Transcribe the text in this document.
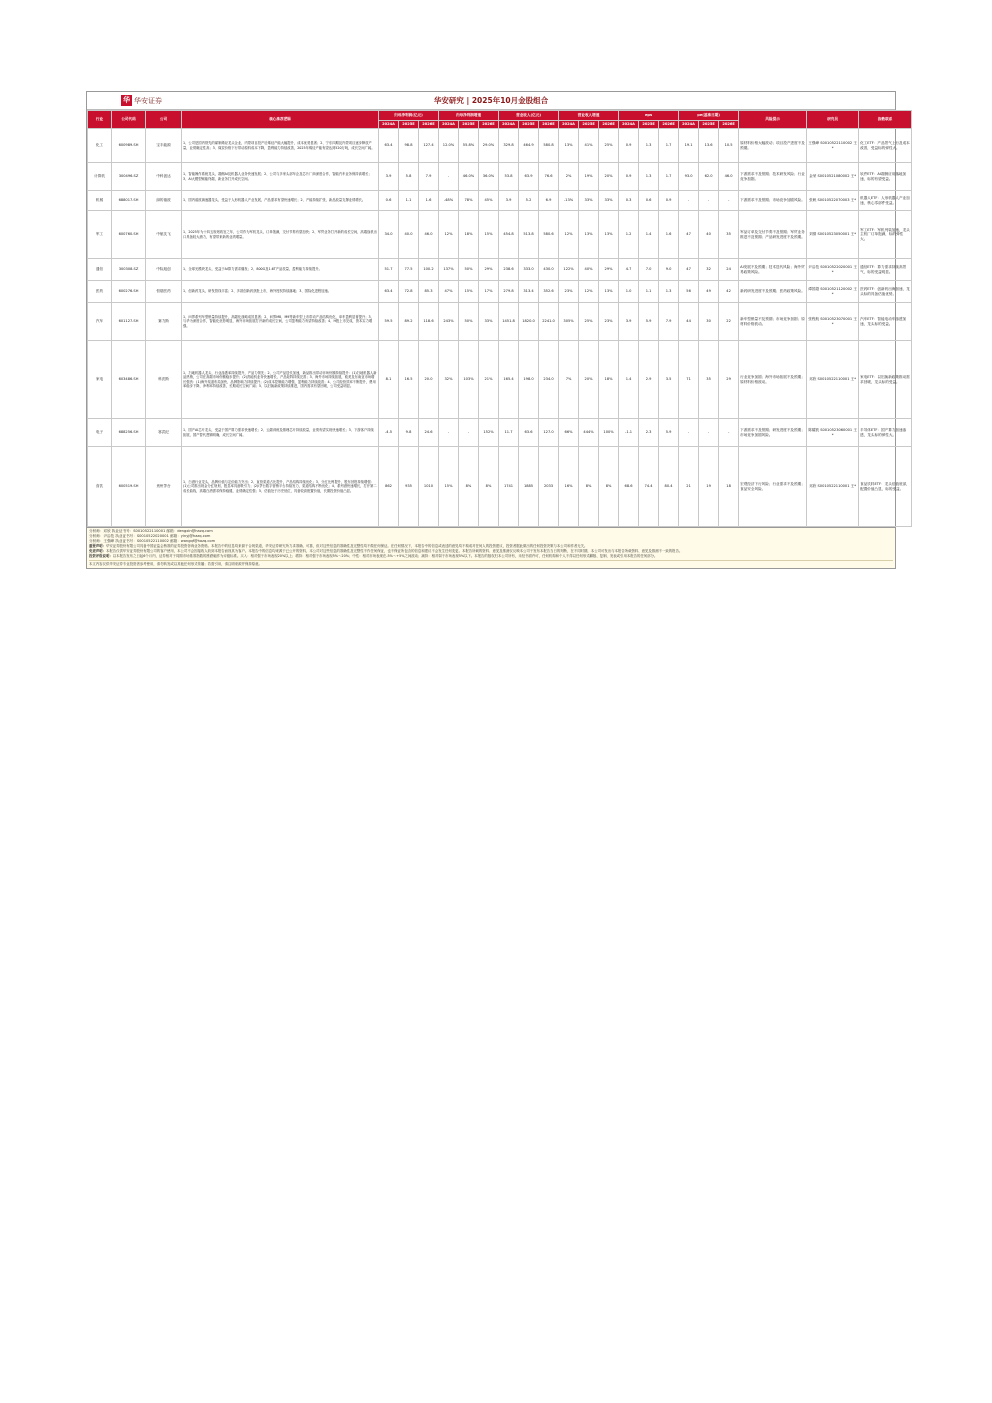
华 华安证券	华安研究 | 2025年10月金股组合
行业	公司代码	公司	核心推荐逻辑	归母净利润(亿元)			归母净利润增速			营业收入(亿元)			营业收入增速			eps			pe(基准日期)			风险提示	研究员	指数联系
				2024A	2025E	2026E	2024A	2025E	2026E	2024A	2025E	2026E	2024A	2025E	2026E	2024A	2025E	2026E	2024A	2025E	2026E			
化工	600989.SH	宝丰能源	1、公司是国内领先的煤制烯烃龙头企业，内蒙项目投产后烯烃产能大幅提升，成本优势显著；2、宁东四期及内蒙项目逐步释放产量，业绩确定性高；3、煤炭价格下行带动原料成本下降，盈利能力持续改善，2025年烯烃产能有望达到520万吨，成长空间广阔。	63.4	98.8	127.4	12.0%	55.8%	29.0%	329.8	464.9	580.8	13%	41%	25%	0.9	1.3	1.7	19.1	13.6	10.5	原材料价格大幅波动；项目投产进度不及预期。	王强峰 S0010522110002 王*	化工ETF：产品景气上行及成本改善，受益标的弹性大。
计算机	300496.SZ	中科创达	1、智能操作系统龙头，端侧AI及机器人业务快速发展；2、公司与多家头部车企及芯片厂商深度合作，智能汽车业务保持高增长；3、AI大模型赋能终端，新业务打开成长空间。	3.9	5.8	7.9	-	46.0%	36.0%	53.8	63.9	76.6	2%	19%	20%	0.9	1.3	1.7	93.0	62.0	46.0	下游需求不及预期；技术研发风险；行业竞争加剧。	金荣 S0010521080002 王*	软件ETF：AI端侧应用落地加速，标的有望受益。
机械	688017.SH	绿的谐波	1、国内谐波减速器龙头，受益于人形机器人产业发展，产品需求有望快速增长；2、产能持续扩张，新品放量支撑业绩增长。	0.6	1.1	1.6	-48%	78%	45%	3.9	5.2	6.9	-13%	33%	33%	0.3	0.6	0.9	-	-	-	下游需求不及预期；市场竞争加剧风险。	张帆 S0010522070003 王*	机器人ETF：人形机器人产业加速，核心零部件受益。
军工	600760.SH	中航沈飞	1、2025年为十四五规划收官之年，公司作为军机龙头，订单饱满，交付节奏有望加快；2、军贸业务打开新的成长空间，高端战机出口具备较大潜力，有望带来新的业绩增量。	34.0	40.0	46.0	12%	18%	15%	454.8	513.8	580.6	12%	13%	13%	1.2	1.4	1.6	47	40	35	军品订单及交付节奏不及预期；军贸业务推进不及预期；产品研发进度不及预期。	刘倩 S0010523050001 王*	军工ETF：军机列装加速，龙头主机厂订单饱满，标的弹性大。
通信	300308.SZ	中际旭创	1、全球光模块龙头，受益于AI算力需求爆发；2、800G及1.6T产品放量，盈利能力持续提升。	51.7	77.5	100.2	137%	50%	29%	238.6	333.0	430.0	122%	40%	29%	4.7	7.0	9.0	47	32	24	AI发展不及预期；技术迭代风险；海外贸易政策风险。	尹沿技 S0010522020001 王*	通信ETF：算力需求持续高景气，标的受益明显。
医药	600276.SH	恒瑞医药	1、创新药龙头，研发管线丰富；2、多款创新药获批上市，海外授权持续落地；3、国际化进程加速。	63.4	72.8	85.3	47%	15%	17%	279.8	313.4	352.6	23%	12%	13%	1.0	1.1	1.3	56	49	42	新药研发进度不及预期；医药政策风险。	谭国超 S0010521120002 王*	医药ETF：创新药出海加速，龙头标的具备估值优势。
汽车	601127.SH	赛力斯	1、问界系列车型销量持续提升，高端化战略成效显著；2、问界M8、M9等新车型上市带动产品结构优化，单车盈利显著提升；3、与华为深度合作，智能化优势明显，海外市场拓展打开新的成长空间，公司盈利能力有望持续改善；4、H股上市完成，资本实力增强。	59.5	89.2	118.6	243%	50%	33%	1451.8	1820.0	2241.0	305%	25%	23%	3.9	5.9	7.9	44	30	22	新车型销量不及预期；市场竞争加剧；原材料价格波动。	张程航 S0010523070001 王*	汽车ETF：智能电动车渗透加速，龙头标的受益。
家电	603486.SH	科沃斯	1、扫地机器人龙头，行业渗透率持续提升，产品力领先；2、公司产品迭代加速，新品推出带动市场份额持续提升：(1)扫地机器人新品热销，公司在高端市场份额稳步提升；(2)洗地机业务快速增长，产品矩阵持续完善；3、海外市场持续拓展，欧美及东南亚市场增长强劲：(1)海外渠道布局加快，品牌影响力持续提升；(2)成本控制能力增强，盈利能力持续改善；4、公司经营效率不断提升，费用率稳步下降，净利率持续改善，长期成长空间广阔；5、以旧换新政策持续推进，国内需求有望回暖，公司受益明显。	8.1	16.5	20.0	32%	103%	21%	165.4	198.0	234.0	7%	20%	18%	1.4	2.9	3.5	71	35	29	行业竞争加剧；海外市场拓展不及预期；原材料价格波动。	邓欣 S0010522110001 王*	家电ETF：以旧换新政策推动需求回暖，龙头标的受益。
电子	688256.SH	寒武纪	1、国产AI芯片龙头，受益于国产算力需求快速增长；2、云端训练及推理芯片持续放量，业绩有望实现快速增长；3、下游客户持续拓展，国产替代逻辑明确，成长空间广阔。	-4.5	9.8	24.6	-	-	152%	11.7	63.6	127.0	66%	444%	100%	-1.1	2.3	5.9	-	-	-	下游需求不及预期；研发进度不及预期；市场竞争加剧风险。	陈耀波 S0010523060001 王*	半导体ETF：国产算力加速渗透，龙头标的弹性大。
食饮	600519.SH	贵州茅台	1、白酒行业龙头，品牌价值与定价能力突出；2、直营渠道占比提升，产品结构持续优化；3、分红比例提升，股东回报持续增强：(1)公司推出现金分红规划，股息率具备吸引力；(2)i茅台数字营销平台持续发力，渠道结构不断优化；4、系列酒快速增长，打开第二成长曲线，高端白酒需求保持稳健，业绩确定性强；5、估值处于历史低位，具备较高配置价值，长期投资价值凸显。	862	935	1010	15%	8%	8%	1741	1885	2033	16%	8%	8%	68.6	74.4	80.4	21	19	18	宏观经济下行风险；行业需求不及预期；食品安全风险。	邓欣 S0010522110001 王*	食品饮料ETF：龙头估值底部，配置价值凸显，标的受益。
分析师：邓欣 执业证书号：S0010522110001 邮箱：dengxin@hazq.com
分析师：尹沿技 执业证书号：S0010522020001 邮箱：yinyj@hazq.com
分析师：王强峰 执业证书号：S0010522110002 邮箱：wangqf@hazq.com

重要声明：华安证券股份有限公司具备中国证监会核准的证券投资咨询业务资格。本报告中的信息均来源于合规渠道，华安证券研究所力求准确、可靠，但对这些信息的准确性及完整性均不做任何保证。在任何情况下，本报告中的信息或表述的意见均不构成对任何人的投资建议，投资者据此做出的任何投资决策与本公司和作者无关。

免责声明：本报告仅供华安证券股份有限公司的客户使用，本公司不会因接收人收到本报告而视其为客户。本报告中的信息均来源于已公开的资料，本公司对这些信息的准确性及完整性不作任何保证，也不保证所包含的信息和建议不会发生任何变更。本报告所载的资料、意见及推测仅反映本公司于发布本报告当日的判断，在不同时期，本公司可发出与本报告所载资料、意见及推测不一致的报告。

投资评级说明：以本报告发布之日起6个月内，证券相对于同期市场基准指数的涨跌幅作为评级标准。买入：相对强于市场表现20%以上；增持：相对强于市场表现5%～20%；中性：相对市场表现在-5%～+5%之间波动；减持：相对弱于市场表现5%以下。本报告的版权归本公司所有，未经书面许可，任何机构和个人不得以任何形式翻版、复制、发表或引用本报告的任何部分。

本文内容仅供华安证券专业投资者参考使用，请勿转发或以其他任何形式传播；若需引用，请注明来源并保持原意。
